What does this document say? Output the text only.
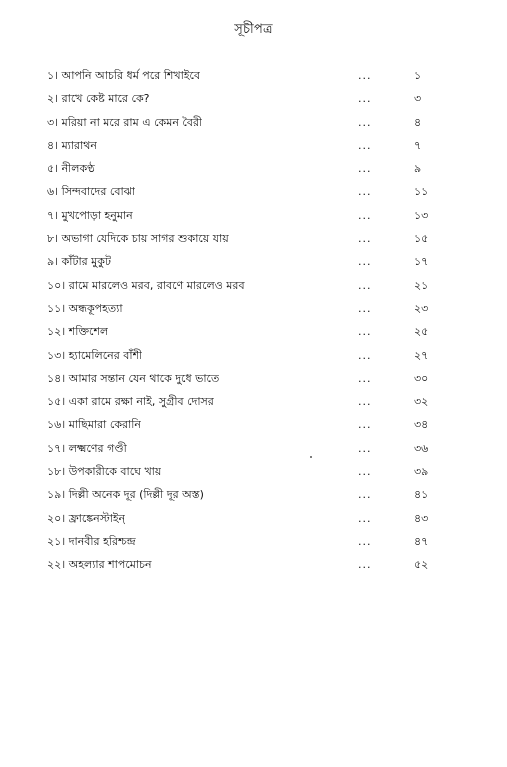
সূচীপত্র
১। আপনি আচরি ধর্ম পরে শিখাইবে	...	১
২। রাখে কেষ্ট মারে কে?	...	৩
৩। মরিয়া না মরে রাম এ কেমন বৈরী	...	৪
৪। ম্যারাথন	...	৭
৫। নীলকণ্ঠ	...	৯
৬। সিন্দবাদের বোঝা	...	১১
৭। মুখপোড়া হনুমান	...	১৩
৮। অভাগা যেদিকে চায় সাগর শুকায়ে যায়	...	১৫
৯। কাঁটার মুকুট	...	১৭
১০। রামে মারলেও মরব, রাবণে মারলেও মরব	...	২১
১১। অন্ধকূপহত্যা	...	২৩
১২। শক্তিশেল	...	২৫
১৩। হ্যামেলিনের বাঁশী	...	২৭
১৪। আমার সন্তান যেন থাকে দুধে ভাতে	...	৩০
১৫। একা রামে রক্ষা নাই, সুগ্রীব দোসর	...	৩২
১৬। মাছিমারা কেরানি	...	৩৪
১৭। লক্ষ্মণের গণ্ডী	...	৩৬
১৮। উপকারীকে বাঘে খায়	...	৩৯
১৯। দিল্লী অনেক দূর (দিল্লী দূর অস্ত)	...	৪১
২০। ফ্রাঙ্কেনস্টাইন্	...	৪৩
২১। দানবীর হরিশ্চন্দ্র	...	৪৭
২২। অহল্যার শাপমোচন	...	৫২
